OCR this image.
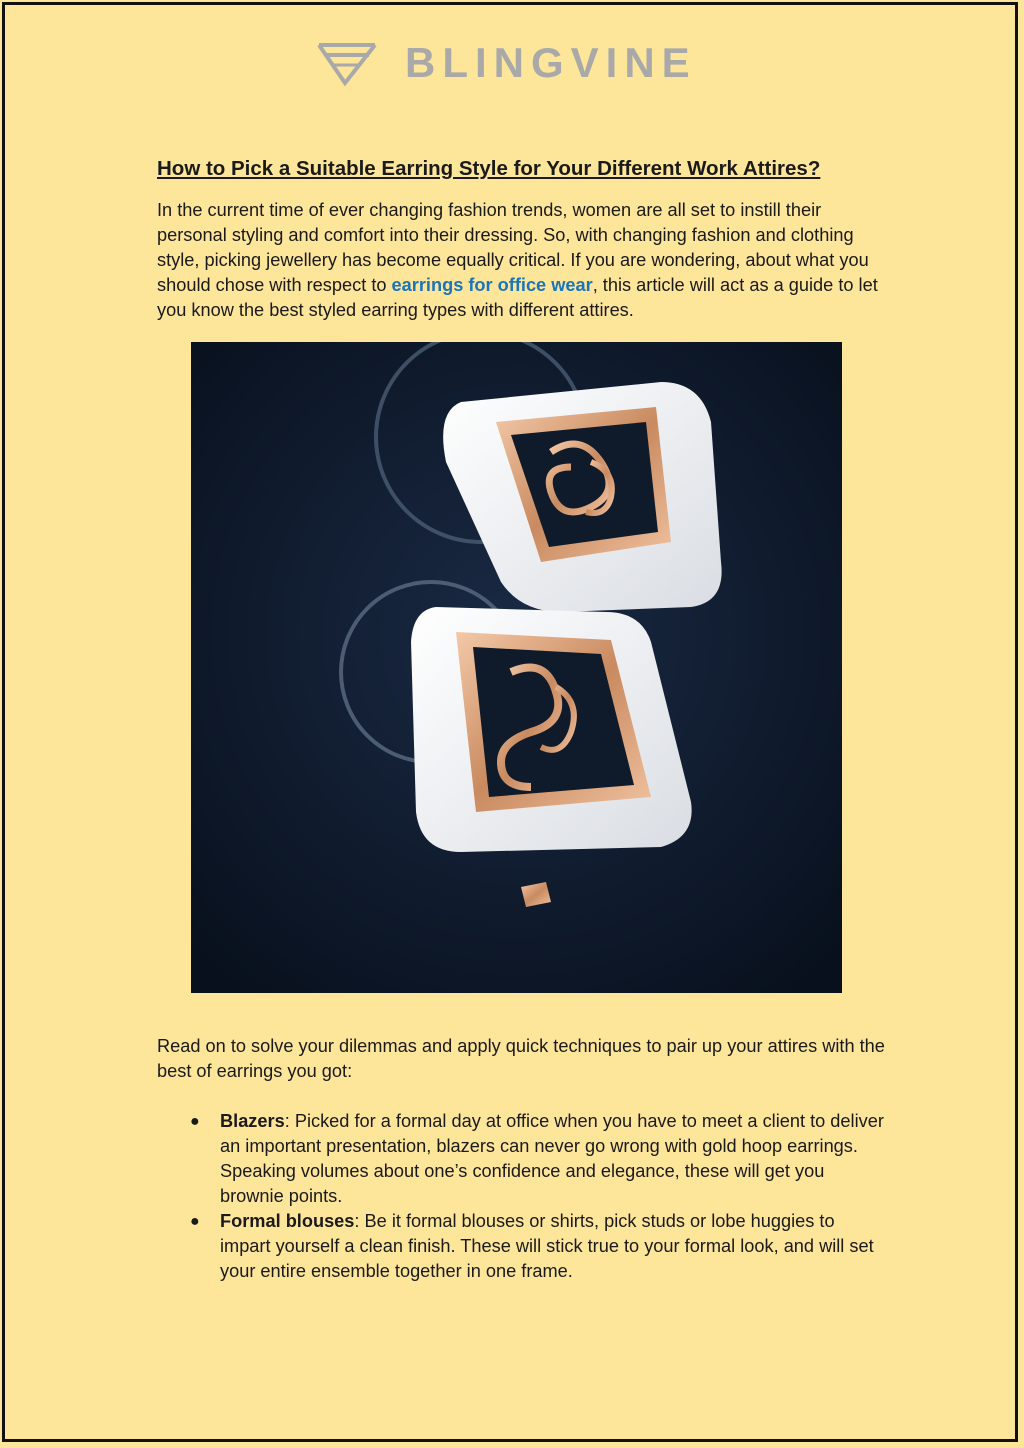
BLINGVINE
How to Pick a Suitable Earring Style for Your Different Work Attires?
In the current time of ever changing fashion trends, women are all set to instill their personal styling and comfort into their dressing. So, with changing fashion and clothing style, picking jewellery has become equally critical. If you are wondering, about what you should chose with respect to earrings for office wear, this article will act as a guide to let you know the best styled earring types with different attires.
Read on to solve your dilemmas and apply quick techniques to pair up your attires with the best of earrings you got:
● Blazers: Picked for a formal day at office when you have to meet a client to deliver an important presentation, blazers can never go wrong with gold hoop earrings. Speaking volumes about one’s confidence and elegance, these will get you brownie points.
● Formal blouses: Be it formal blouses or shirts, pick studs or lobe huggies to impart yourself a clean finish. These will stick true to your formal look, and will set your entire ensemble together in one frame.
